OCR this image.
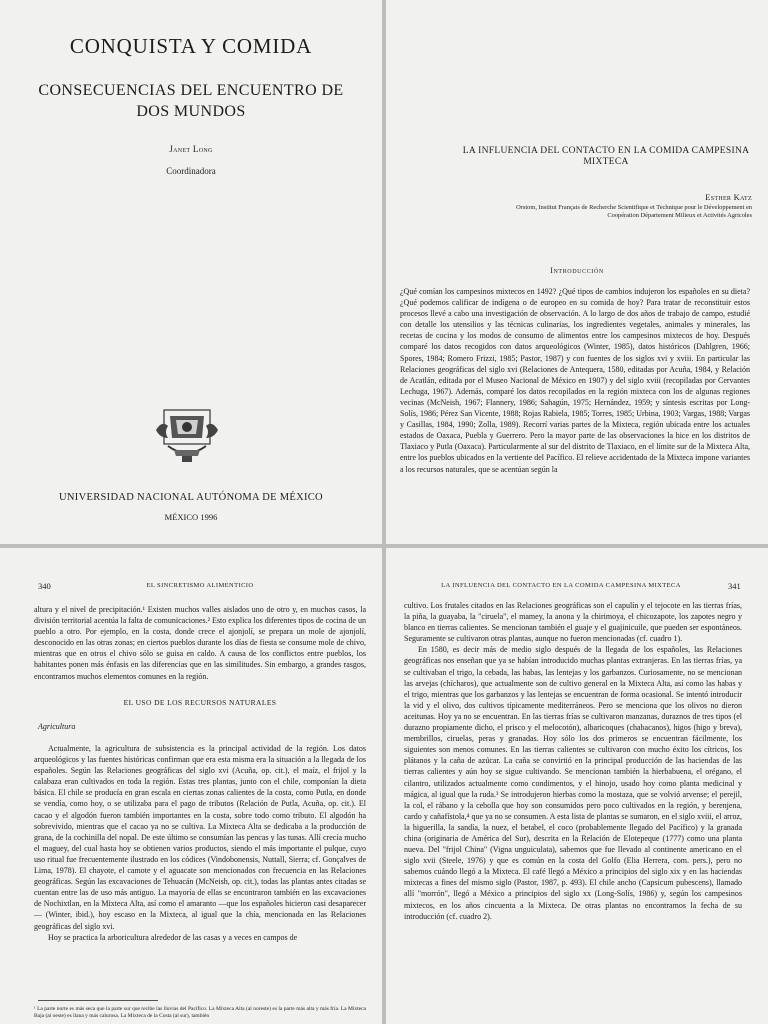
CONQUISTA Y COMIDA
CONSECUENCIAS DEL ENCUENTRO DE DOS MUNDOS
Janet Long
Coordinadora
UNIVERSIDAD NACIONAL AUTÓNOMA DE MÉXICO
MÉXICO 1996
LA INFLUENCIA DEL CONTACTO EN LA COMIDA CAMPESINA MIXTECA
Esther Katz
Orstom, Institut Français de Recherche Scientifique et Technique pour le Développement en Coopération Département Milieux et Activités Agricoles
Introducción

¿Qué comían los campesinos mixtecos en 1492? ¿Qué tipos de cambios indujeron los españoles en su dieta? ¿Qué podemos calificar de indígena o de europeo en su comida de hoy? Para tratar de reconstituir estos procesos llevé a cabo una investigación de observación. A lo largo de dos años de trabajo de campo, estudié con detalle los utensilios y las técnicas culinarias, los ingredientes vegetales, animales y minerales, las recetas de cocina y los modos de consumo de alimentos entre los campesinos mixtecos de hoy. Después comparé los datos recogidos con datos arqueológicos (Winter, 1985), datos históricos (Dahlgren, 1966; Spores, 1984; Romero Frizzi, 1985; Pastor, 1987) y con fuentes de los siglos xvi y xviii. En particular las Relaciones geográficas del siglo xvi (Relaciones de Antequera, 1580, editadas por Acuña, 1984, y Relación de Acatlán, editada por el Museo Nacional de México en 1907) y del siglo xviii (recopiladas por Cervantes Lechuga, 1967). Además, comparé los datos recopilados en la región mixteca con los de algunas regiones vecinas (McNeish, 1967; Flannery, 1986; Sahagún, 1975; Hernández, 1959; y síntesis escritas por Long-Solís, 1986; Pérez San Vicente, 1988; Rojas Rabiela, 1985; Torres, 1985; Urbina, 1903; Vargas, 1988; Vargas y Casillas, 1984, 1990; Zolla, 1989). Recorrí varias partes de la Mixteca, región ubicada entre los actuales estados de Oaxaca, Puebla y Guerrero. Pero la mayor parte de las observaciones la hice en los distritos de Tlaxiaco y Putla (Oaxaca). Particularmente al sur del distrito de Tlaxiaco, en el límite sur de la Mixteca Alta, entre los pueblos ubicados en la vertiente del Pacífico. El relieve accidentado de la Mixteca impone variantes a los recursos naturales, que se acentúan según la

340	EL SINCRETISMO ALIMENTICIO

altura y el nivel de precipitación.¹ Existen muchos valles aislados uno de otro y, en muchos casos, la división territorial acentúa la falta de comunicaciones.² Esto explica los diferentes tipos de cocina de un pueblo a otro. Por ejemplo, en la costa, donde crece el ajonjolí, se prepara un mole de ajonjolí, desconocido en las otras zonas; en ciertos pueblos durante los días de fiesta se consume mole de chivo, mientras que en otros el chivo sólo se guisa en caldo. A causa de los conflictos entre pueblos, los habitantes ponen más énfasis en las diferencias que en las similitudes. Sin embargo, a grandes rasgos, encontramos muchos elementos comunes en la región.

EL USO DE LOS RECURSOS NATURALES
Agricultura

Actualmente, la agricultura de subsistencia es la principal actividad de la región. Los datos arqueológicos y las fuentes históricas confirman que era esta misma era la situación a la llegada de los españoles. Según las Relaciones geográficas del siglo xvi (Acuña, op. cit.), el maíz, el frijol y la calabaza eran cultivados en toda la región. Estas tres plantas, junto con el chile, componían la dieta básica. El chile se producía en gran escala en ciertas zonas calientes de la costa, como Putla, en donde se vendía, como hoy, o se utilizaba para el pago de tributos (Relación de Putla, Acuña, op. cit.). El cacao y el algodón fueron también importantes en la costa, sobre todo como tributo. El algodón ha sobrevivido, mientras que el cacao ya no se cultiva. La Mixteca Alta se dedicaba a la producción de grana, de la cochinilla del nopal. De este último se consumían las pencas y las tunas. Allí crecía mucho el maguey, del cual hasta hoy se obtienen varios productos, siendo el más importante el pulque, cuyo uso ritual fue frecuentemente ilustrado en los códices (Vindobonensis, Nuttall, Sierra; cf. Gonçalves de Lima, 1978). El chayote, el camote y el aguacate son mencionados con frecuencia en las Relaciones geográficas. Según las excavaciones de Tehuacán (McNeish, op. cit.), todas las plantas antes citadas se cuentan entre las de uso más antiguo. La mayoría de ellas se encontraron también en las excavaciones de Nochixtlan, en la Mixteca Alta, así como el amaranto —que los españoles hicieron casi desaparecer— (Winter, ibid.), hoy escaso en la Mixteca, al igual que la chía, mencionada en las Relaciones geográficas del siglo xvi.

Hoy se practica la arboricultura alrededor de las casas y a veces en campos de

¹ La parte norte es más seca que la parte sur que recibe las lluvias del Pacífico. La Mixteca Alta (al noreste) es la parte más alta y más fría. La Mixteca Baja (al oeste) es llana y más calurosa. La Mixteca de la Costa (al sur), también
LA INFLUENCIA DEL CONTACTO EN LA COMIDA CAMPESINA MIXTECA	341

cultivo. Los frutales citados en las Relaciones geográficas son el capulín y el tejocote en las tierras frías, la piña, la guayaba, la "ciruela", el mamey, la anona y la chirimoya, el chicozapote, los zapotes negro y blanco en tierras calientes. Se mencionan también el guaje y el guajinicuile, que pueden ser espontáneos. Seguramente se cultivaron otras plantas, aunque no fueron mencionadas (cf. cuadro 1).

En 1580, es decir más de medio siglo después de la llegada de los españoles, las Relaciones geográficas nos enseñan que ya se habían introducido muchas plantas extranjeras. En las tierras frías, ya se cultivaban el trigo, la cebada, las habas, las lentejas y los garbanzos. Curiosamente, no se mencionan las arvejas (chícharos), que actualmente son de cultivo general en la Mixteca Alta, así como las habas y el trigo, mientras que los garbanzos y las lentejas se encuentran de forma ocasional. Se intentó introducir la vid y el olivo, dos cultivos típicamente mediterráneos. Pero se menciona que los olivos no dieron aceitunas. Hoy ya no se encuentran. En las tierras frías se cultivaron manzanas, duraznos de tres tipos (el durazno propiamente dicho, el prisco y el melocotón), albaricoques (chabacanos), higos (higo y breva), membrillos, ciruelas, peras y granadas. Hoy sólo los dos primeros se encuentran fácilmente, los siguientes son menos comunes. En las tierras calientes se cultivaron con mucho éxito los cítricos, los plátanos y la caña de azúcar. La caña se convirtió en la principal producción de las haciendas de las tierras calientes y aún hoy se sigue cultivando. Se mencionan también la hierbabuena, el orégano, el cilantro, utilizados actualmente como condimentos, y el hinojo, usado hoy como planta medicinal y mágica, al igual que la ruda.³ Se introdujeron hierbas como la mostaza, que se volvió arvense; el perejil, la col, el rábano y la cebolla que hoy son consumidos pero poco cultivados en la región, y berenjena, cardo y cañafístola,⁴ que ya no se consumen. A esta lista de plantas se sumaron, en el siglo xviii, el arroz, la higuerilla, la sandía, la nuez, el betabel, el coco (probablemente llegado del Pacífico) y la granada china (originaria de América del Sur), descrita en la Relación de Elotepeque (1777) como una planta nueva. Del "frijol China" (Vigna unguiculata), sabemos que fue llevado al continente americano en el siglo xvii (Steele, 1976) y que es común en la costa del Golfo (Elia Herrera, com. pers.), pero no sabemos cuándo llegó a la Mixteca. El café llegó a México a principios del siglo xix y en las haciendas mixtecas a fines del mismo siglo (Pastor, 1987, p. 493). El chile ancho (Capsicum pubescens), llamado allí "morrón", llegó a México a principios del siglo xx (Long-Solís, 1986) y, según los campesinos mixtecos, en los años cincuenta a la Mixteca. De otras plantas no encontramos la fecha de su introducción (cf. cuadro 2).
